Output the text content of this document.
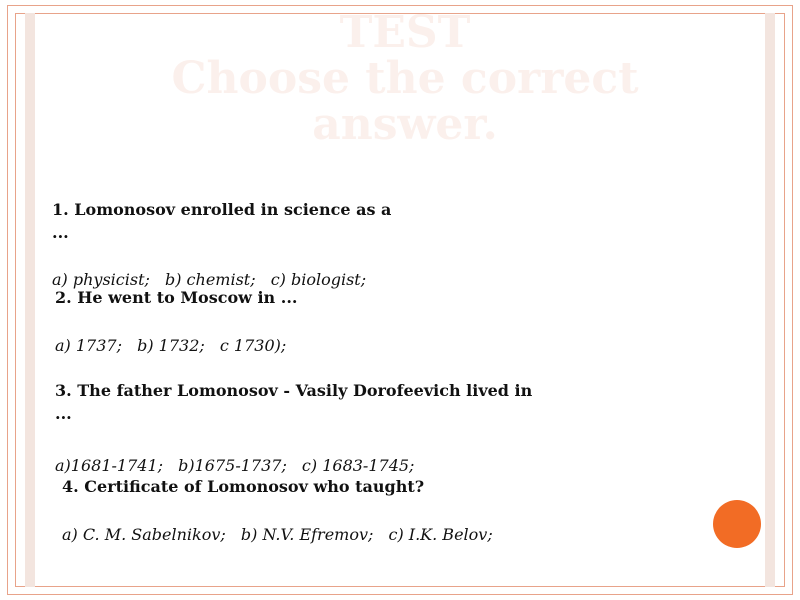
TEST
Choose the correct
answer.

1. Lomonosov enrolled in science as a

...

a) physicist; b) chemist; c) biologist;

2. He went to Moscow in ...

a) 1737; b) 1732; c 1730);

3. The father Lomonosov - Vasily Dorofeevich lived in

...

a)1681-1741; b)1675-1737; c) 1683-1745;

4. Certificate of Lomonosov who taught?

a) C. M. Sabelnikov; b) N.V. Efremov; c) I.K. Belov;
